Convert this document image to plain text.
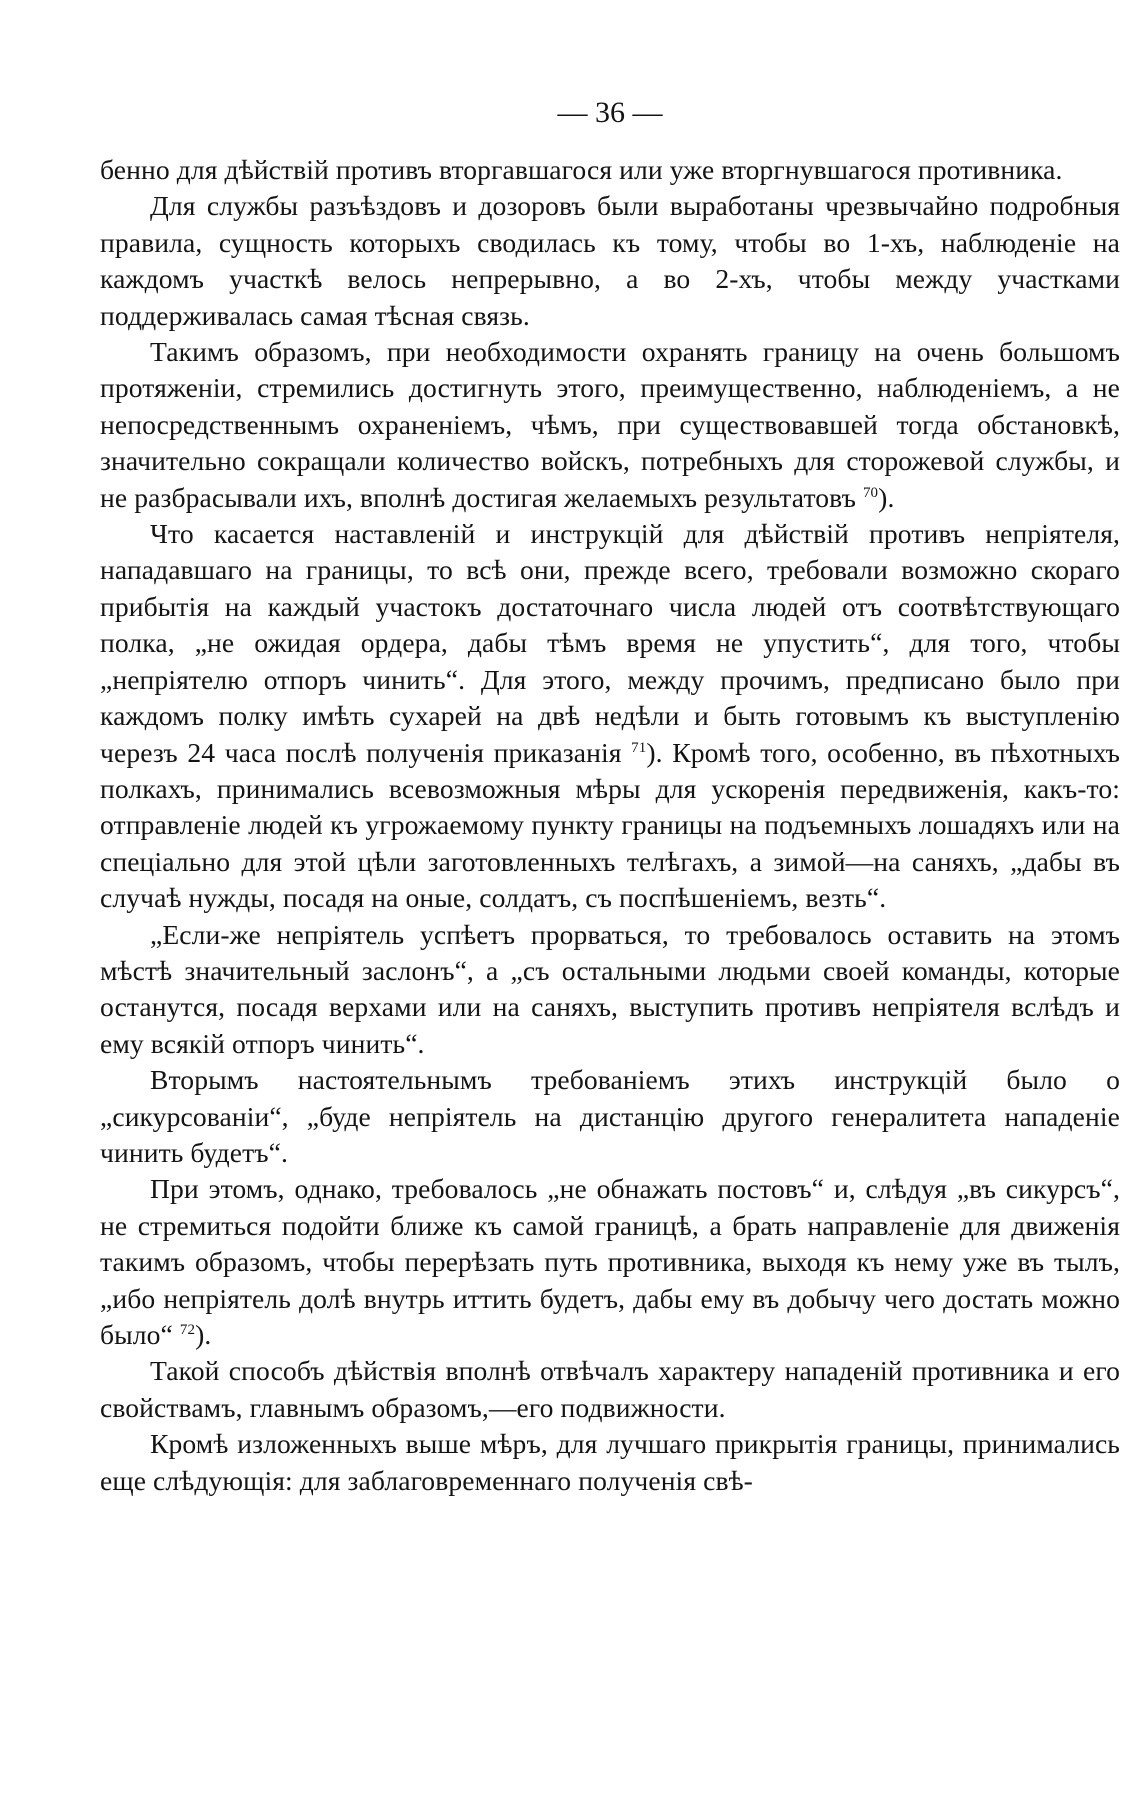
— 36 —

бенно для дѣйствій противъ вторгавшагося или уже вторгнувшагося противника.

Для службы разъѣздовъ и дозоровъ были выработаны чрезвычайно подробныя правила, сущность которыхъ сводилась къ тому, чтобы во 1-хъ, наблюденіе на каждомъ участкѣ велось непрерывно, а во 2-хъ, чтобы между участками поддерживалась самая тѣсная связь.

Такимъ образомъ, при необходимости охранять границу на очень большомъ протяженіи, стремились достигнуть этого, преимущественно, наблюденіемъ, а не непосредственнымъ охраненіемъ, чѣмъ, при существовавшей тогда обстановкѣ, значительно сокращали количество войскъ, потребныхъ для сторожевой службы, и не разбрасывали ихъ, вполнѣ достигая желаемыхъ результатовъ $^{70}$).

Что касается наставленій и инструкцій для дѣйствій противъ непріятеля, нападавшаго на границы, то всѣ они, прежде всего, требовали возможно скораго прибытія на каждый участокъ достаточнаго числа людей отъ соотвѣтствующаго полка, „не ожидая ордера, дабы тѣмъ время не упустить“, для того, чтобы „непріятелю отпоръ чинить“. Для этого, между прочимъ, предписано было при каждомъ полку имѣть сухарей на двѣ недѣли и быть готовымъ къ выступленію черезъ 24 часа послѣ полученія приказанія $^{71}$). Кромѣ того, особенно, въ пѣхотныхъ полкахъ, принимались всевозможныя мѣры для ускоренія передвиженія, какъ-то: отправленіе людей къ угрожаемому пункту границы на подъемныхъ лошадяхъ или на спеціально для этой цѣли заготовленныхъ телѣгахъ, а зимой—на саняхъ, „дабы въ случаѣ нужды, посадя на оные, солдатъ, съ поспѣшеніемъ, везть“.

„Если-же непріятель успѣетъ прорваться, то требовалось оставить на этомъ мѣстѣ значительный заслонъ“, а „съ остальными людьми своей команды, которые останутся, посадя верхами или на саняхъ, выступить противъ непріятеля вслѣдъ и ему всякій отпоръ чинить“.

Вторымъ настоятельнымъ требованіемъ этихъ инструкцій было о „сикурсованіи“, „буде непріятель на дистанцію другого генералитета нападеніе чинить будетъ“.

При этомъ, однако, требовалось „не обнажать постовъ“ и, слѣдуя „въ сикурсъ“, не стремиться подойти ближе къ самой границѣ, а брать направленіе для движенія такимъ образомъ, чтобы перерѣзать путь противника, выходя къ нему уже въ тылъ, „ибо непріятель долѣ внутрь иттить будетъ, дабы ему въ добычу чего достать можно было“ $^{72}$).

Такой способъ дѣйствія вполнѣ отвѣчалъ характеру нападеній противника и его свойствамъ, главнымъ образомъ,—его подвижности.

Кромѣ изложенныхъ выше мѣръ, для лучшаго прикрытія границы, принимались еще слѣдующія: для заблаговременнаго полученія свѣ-
